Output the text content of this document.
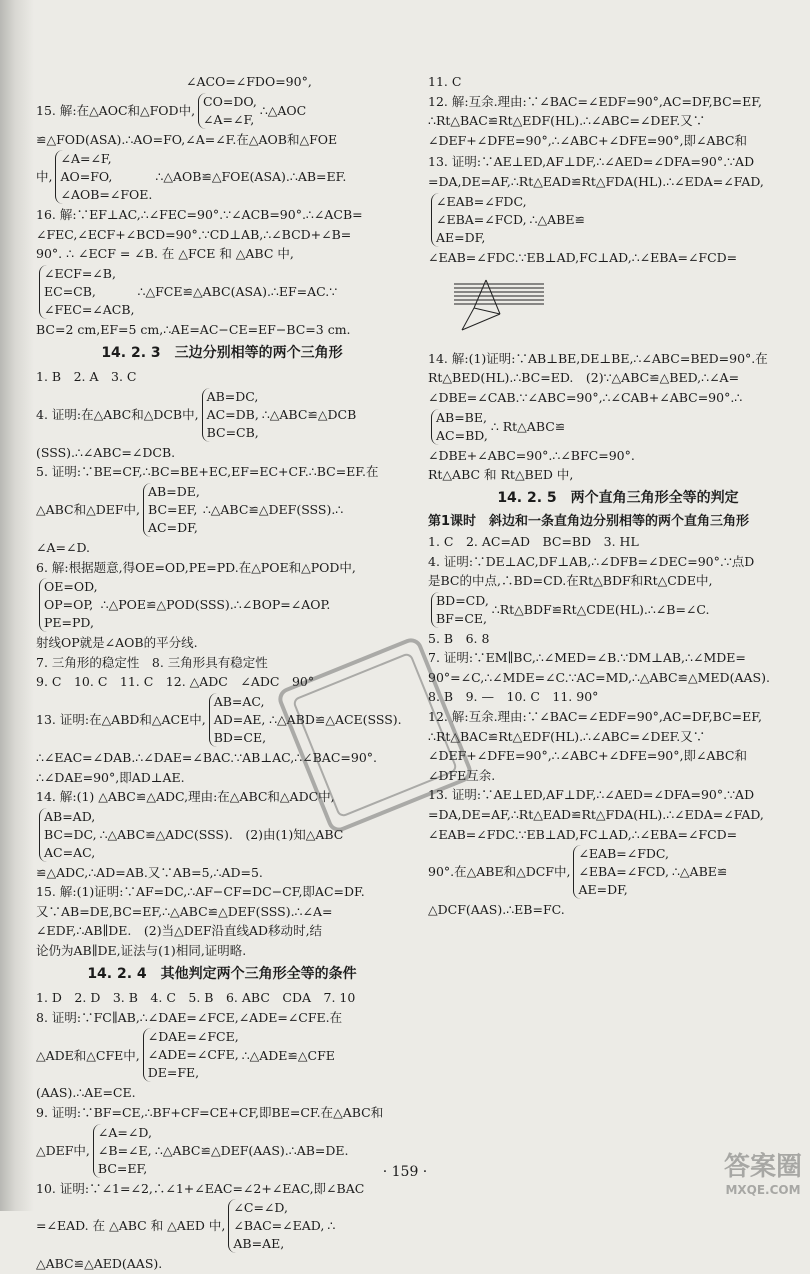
∠ACO=∠FDO=90°,
15. 解:在△AOC和△FOD中,
CO=DO,
∠A=∠F,
∴△AOC
≌△FOD(ASA).∴AO=FO,∠A=∠F.在△AOB和△FOE
中,
∠A=∠F,
AO=FO,
∠AOB=∠FOE.
∴△AOB≌△FOE(ASA).∴AB=EF.
16. 解:∵EF⊥AC,∴∠FEC=90°.∵∠ACB=90°.∴∠ACB=
∠FEC,∠ECF+∠BCD=90°.∵CD⊥AB,∴∠BCD+∠B=
90°. ∴ ∠ECF = ∠B. 在 △FCE 和 △ABC 中,
∠ECF=∠B,
EC=CB,
∠FEC=∠ACB,
∴△FCE≌△ABC(ASA).∴EF=AC.∵
BC=2 cm,EF=5 cm,∴AE=AC−CE=EF−BC=3 cm.
14. 2. 3　三边分别相等的两个三角形
1. B　2. A　3. C
4. 证明:在△ABC和△DCB中,
AB=DC,
AC=DB,
BC=CB,
∴△ABC≌△DCB
(SSS).∴∠ABC=∠DCB.
5. 证明:∵BE=CF,∴BC=BE+EC,EF=EC+CF.∴BC=EF.在
△ABC和△DEF中,
AB=DE,
BC=EF,
AC=DF,
∴△ABC≌△DEF(SSS).∴
∠A=∠D.
6. 解:根据题意,得OE=OD,PE=PD.在△POE和△POD中,
OE=OD,
OP=OP,
PE=PD,
∴△POE≌△POD(SSS).∴∠BOP=∠AOP.
射线OP就是∠AOB的平分线.
7. 三角形的稳定性　8. 三角形具有稳定性
9. C　10. C　11. C　12. △ADC　∠ADC　90°
13. 证明:在△ABD和△ACE中,
AB=AC,
AD=AE,
BD=CE,
∴△ABD≌△ACE(SSS).
∴∠EAC=∠DAB.∴∠DAE=∠BAC.∵AB⊥AC,∴∠BAC=90°.
∴∠DAE=90°,即AD⊥AE.
14. 解:(1) △ABC≌△ADC,理由:在△ABC和△ADC中,
AB=AD,
BC=DC,
AC=AC,
∴△ABC≌△ADC(SSS).　(2)由(1)知△ABC
≌△ADC,∴AD=AB.又∵AB=5,∴AD=5.
15. 解:(1)证明:∵AF=DC,∴AF−CF=DC−CF,即AC=DF.
又∵AB=DE,BC=EF,∴△ABC≌△DEF(SSS).∴∠A=
∠EDF,∴AB∥DE.　(2)当△DEF沿直线AD移动时,结
论仍为AB∥DE,证法与(1)相同,证明略.
14. 2. 4　其他判定两个三角形全等的条件
1. D　2. D　3. B　4. C　5. B　6. ABC　CDA　7. 10
8. 证明:∵FC∥AB,∴∠DAE=∠FCE,∠ADE=∠CFE.在
△ADE和△CFE中,
∠DAE=∠FCE,
∠ADE=∠CFE,
DE=FE,
∴△ADE≌△CFE
(AAS).∴AE=CE.
9. 证明:∵BF=CE,∴BF+CF=CE+CF,即BE=CF.在△ABC和
△DEF中,
∠A=∠D,
∠B=∠E,
BC=EF,
∴△ABC≌△DEF(AAS).∴AB=DE.
10. 证明:∵∠1=∠2,∴∠1+∠EAC=∠2+∠EAC,即∠BAC
=∠EAD. 在 △ABC 和 △AED 中,
∠C=∠D,
∠BAC=∠EAD,
AB=AE,
∴
△ABC≌△AED(AAS).
11. C
12. 解:互余.理由:∵∠BAC=∠EDF=90°,AC=DF,BC=EF,
∴Rt△BAC≌Rt△EDF(HL).∴∠ABC=∠DEF.又∵
∠DEF+∠DFE=90°,∴∠ABC+∠DFE=90°,即∠ABC和
13. 证明:∵AE⊥ED,AF⊥DF,∴∠AED=∠DFA=90°.∵AD
=DA,DE=AF,∴Rt△EAD≌Rt△FDA(HL).∴∠EDA=∠FAD,
∠EAB=∠FDC,
∠EBA=∠FCD,
AE=DF,
∴△ABE≌
∠EAB=∠FDC.∵EB⊥AD,FC⊥AD,∴∠EBA=∠FCD=
14. 解:(1)证明:∵AB⊥BE,DE⊥BE,∴∠ABC=BED=90°.在
Rt△BED(HL).∴BC=ED.　(2)∵△ABC≌△BED,∴∠A=
∠DBE=∠CAB.∵∠ABC=90°,∴∠CAB+∠ABC=90°.∴
AB=BE,
AC=BD,
∴ Rt△ABC≌
∠DBE+∠ABC=90°.∴∠BFC=90°.
Rt△ABC 和 Rt△BED 中,
14. 2. 5　两个直角三角形全等的判定
第1课时　斜边和一条直角边分别相等的两个直角三角形
1. C　2. AC=AD　BC=BD　3. HL
4. 证明:∵DE⊥AC,DF⊥AB,∴∠DFB=∠DEC=90°.∵点D
是BC的中点,∴BD=CD.在Rt△BDF和Rt△CDE中,
BD=CD,
BF=CE,
∴Rt△BDF≌Rt△CDE(HL).∴∠B=∠C.
5. B　6. 8
7. 证明:∵EM∥BC,∴∠MED=∠B.∵DM⊥AB,∴∠MDE=
90°=∠C,∴∠MDE=∠C.∵AC=MD,∴△ABC≌△MED(AAS).
8. B　9. —　10. C　11. 90°
12. 解:互余.理由:∵∠BAC=∠EDF=90°,AC=DF,BC=EF,
∴Rt△BAC≌Rt△EDF(HL).∴∠ABC=∠DEF.又∵
∠DEF+∠DFE=90°,∴∠ABC+∠DFE=90°,即∠ABC和
∠DFE互余.
13. 证明:∵AE⊥ED,AF⊥DF,∴∠AED=∠DFA=90°.∵AD
=DA,DE=AF,∴Rt△EAD≌Rt△FDA(HL).∴∠EDA=∠FAD,
∠EAB=∠FDC.∵EB⊥AD,FC⊥AD,∴∠EBA=∠FCD=
90°.在△ABE和△DCF中,
∠EAB=∠FDC,
∠EBA=∠FCD,
AE=DF,
∴△ABE≌
△DCF(AAS).∴EB=FC.
· 159 ·	答案圈
MXQE.COM
